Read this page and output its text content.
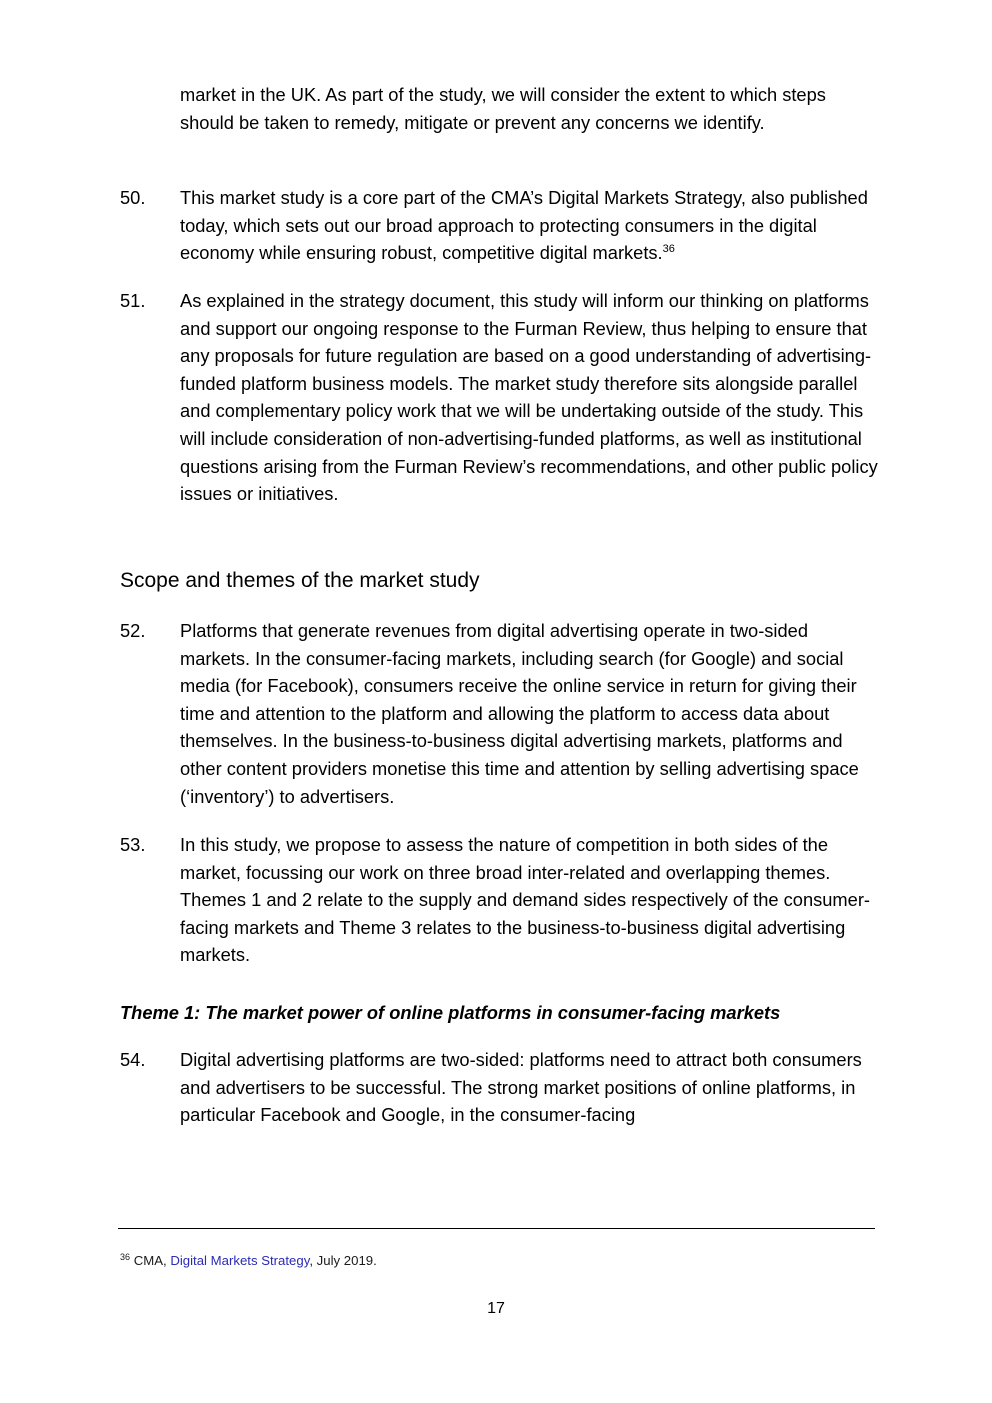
market in the UK. As part of the study, we will consider the extent to which steps should be taken to remedy, mitigate or prevent any concerns we identify.
50.	This market study is a core part of the CMA’s Digital Markets Strategy, also published today, which sets out our broad approach to protecting consumers in the digital economy while ensuring robust, competitive digital markets.$^{36}$
51.	As explained in the strategy document, this study will inform our thinking on platforms and support our ongoing response to the Furman Review, thus helping to ensure that any proposals for future regulation are based on a good understanding of advertising-funded platform business models. The market study therefore sits alongside parallel and complementary policy work that we will be undertaking outside of the study. This will include consideration of non-advertising-funded platforms, as well as institutional questions arising from the Furman Review’s recommendations, and other public policy issues or initiatives.
Scope and themes of the market study
52.	Platforms that generate revenues from digital advertising operate in two-sided markets. In the consumer-facing markets, including search (for Google) and social media (for Facebook), consumers receive the online service in return for giving their time and attention to the platform and allowing the platform to access data about themselves. In the business-to-business digital advertising markets, platforms and other content providers monetise this time and attention by selling advertising space (‘inventory’) to advertisers.
53.	In this study, we propose to assess the nature of competition in both sides of the market, focussing our work on three broad inter-related and overlapping themes. Themes 1 and 2 relate to the supply and demand sides respectively of the consumer-facing markets and Theme 3 relates to the business-to-business digital advertising markets.
Theme 1: The market power of online platforms in consumer-facing markets
54.	Digital advertising platforms are two-sided: platforms need to attract both consumers and advertisers to be successful. The strong market positions of online platforms, in particular Facebook and Google, in the consumer-facing
$^{36}$ CMA, Digital Markets Strategy, July 2019.
17
